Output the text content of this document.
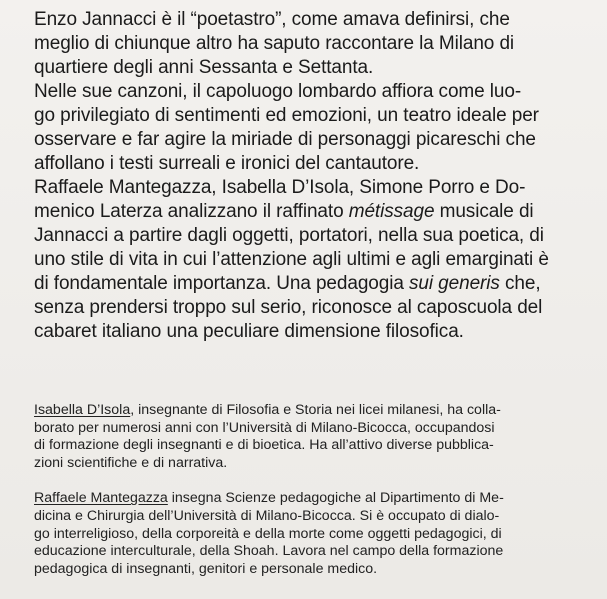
Enzo Jannacci è il “poetastro”, come amava definirsi, che
meglio di chiunque altro ha saputo raccontare la Milano di
quartiere degli anni Sessanta e Settanta.
Nelle sue canzoni, il capoluogo lombardo affiora come luo-
go privilegiato di sentimenti ed emozioni, un teatro ideale per
osservare e far agire la miriade di personaggi picareschi che
affollano i testi surreali e ironici del cantautore.
Raffaele Mantegazza, Isabella D’Isola, Simone Porro e Do-
menico Laterza analizzano il raffinato métissage musicale di
Jannacci a partire dagli oggetti, portatori, nella sua poetica, di
uno stile di vita in cui l’attenzione agli ultimi e agli emarginati è
di fondamentale importanza. Una pedagogia sui generis che,
senza prendersi troppo sul serio, riconosce al caposcuola del
cabaret italiano una peculiare dimensione filosofica.
Isabella D’Isola, insegnante di Filosofia e Storia nei licei milanesi, ha colla-
borato per numerosi anni con l’Università di Milano-Bicocca, occupandosi
di formazione degli insegnanti e di bioetica. Ha all’attivo diverse pubblica-
zioni scientifiche e di narrativa.
Raffaele Mantegazza insegna Scienze pedagogiche al Dipartimento di Me-
dicina e Chirurgia dell’Università di Milano-Bicocca. Si è occupato di dialo-
go interreligioso, della corporeità e della morte come oggetti pedagogici, di
educazione interculturale, della Shoah. Lavora nel campo della formazione
pedagogica di insegnanti, genitori e personale medico.
